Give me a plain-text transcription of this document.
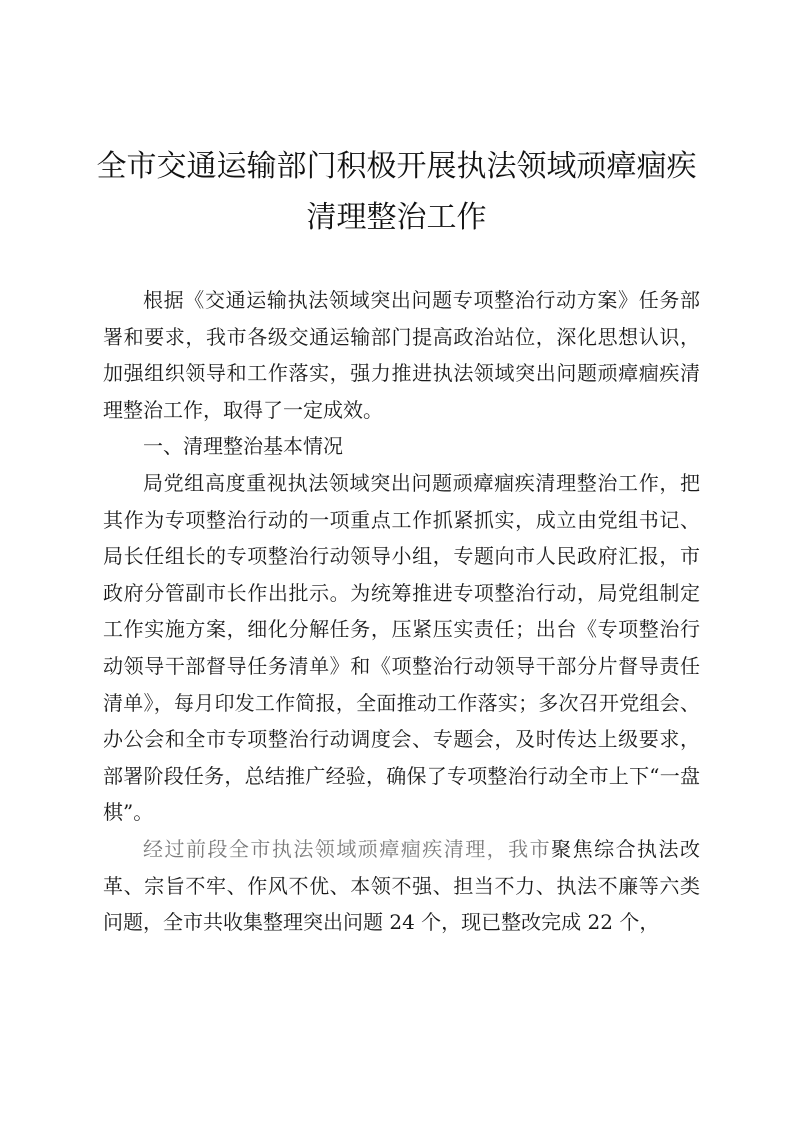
全市交通运输部门积极开展执法领域顽瘴痼疾
清理整治工作

根据《交通运输执法领域突出问题专项整治行动方案》任务部署和要求，我市各级交通运输部门提高政治站位，深化思想认识，加强组织领导和工作落实，强力推进执法领域突出问题顽瘴痼疾清理整治工作，取得了一定成效。

一、清理整治基本情况

局党组高度重视执法领域突出问题顽瘴痼疾清理整治工作，把其作为专项整治行动的一项重点工作抓紧抓实，成立由党组书记、局长任组长的专项整治行动领导小组，专题向市人民政府汇报，市政府分管副市长作出批示。为统筹推进专项整治行动，局党组制定工作实施方案，细化分解任务，压紧压实责任；出台《专项整治行动领导干部督导任务清单》和《项整治行动领导干部分片督导责任清单》，每月印发工作简报，全面推动工作落实；多次召开党组会、办公会和全市专项整治行动调度会、专题会，及时传达上级要求，部署阶段任务，总结推广经验，确保了专项整治行动全市上下“一盘棋”。

经过前段全市执法领域顽瘴痼疾清理，我市聚焦综合执法改革、宗旨不牢、作风不优、本领不强、担当不力、执法不廉等六类问题，全市共收集整理突出问题 24 个，现已整改完成 22 个，
